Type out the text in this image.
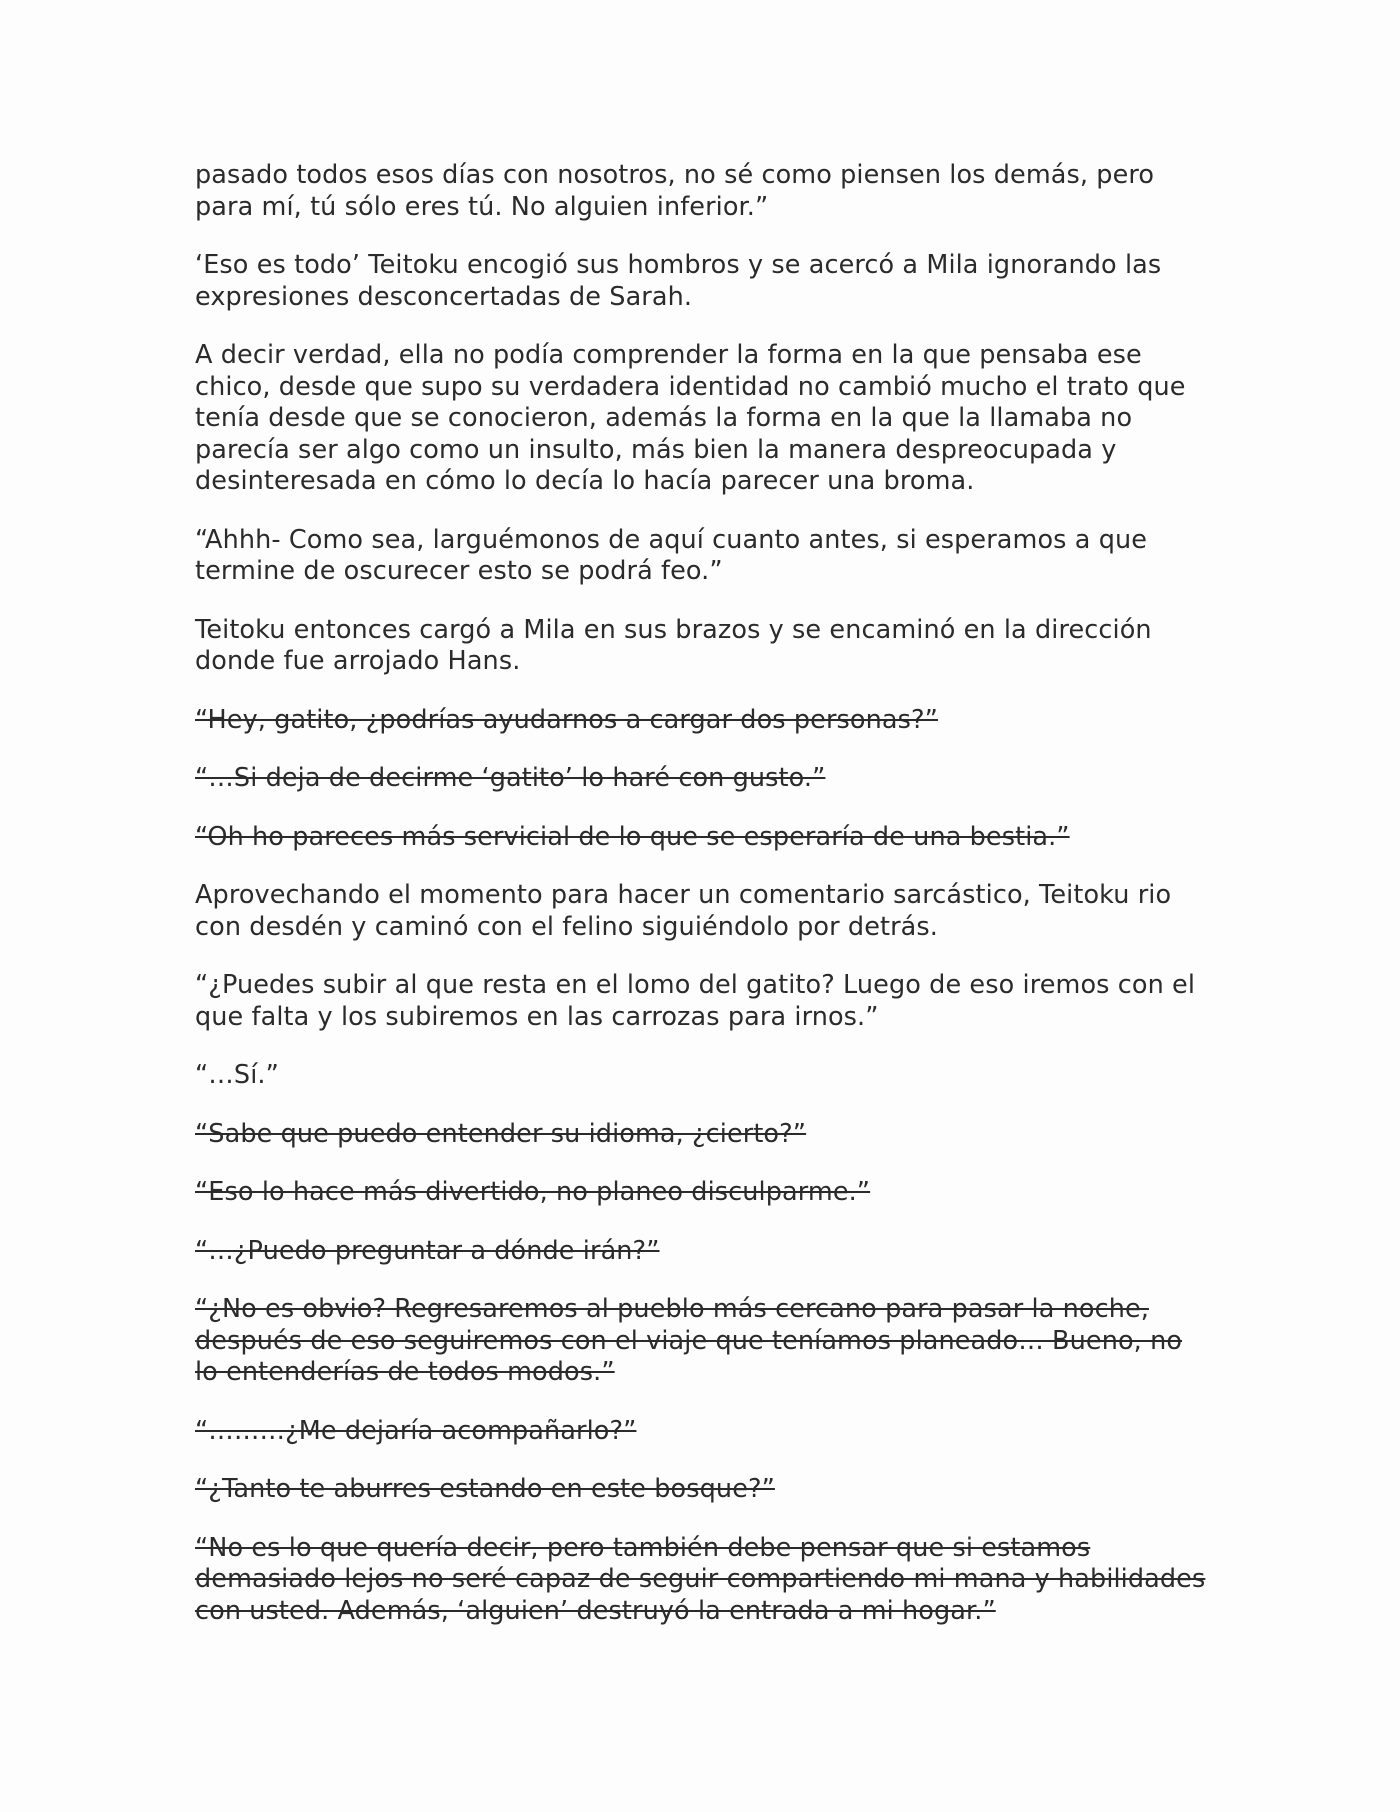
pasado todos esos días con nosotros, no sé como piensen los demás, pero para mí, tú sólo eres tú. No alguien inferior.”

‘Eso es todo’ Teitoku encogió sus hombros y se acercó a Mila ignorando las expresiones desconcertadas de Sarah.

A decir verdad, ella no podía comprender la forma en la que pensaba ese chico, desde que supo su verdadera identidad no cambió mucho el trato que tenía desde que se conocieron, además la forma en la que la llamaba no parecía ser algo como un insulto, más bien la manera despreocupada y desinteresada en cómo lo decía lo hacía parecer una broma.

“Ahhh- Como sea, larguémonos de aquí cuanto antes, si esperamos a que termine de oscurecer esto se podrá feo.”

Teitoku entonces cargó a Mila en sus brazos y se encaminó en la dirección donde fue arrojado Hans.

“Hey, gatito, ¿podrías ayudarnos a cargar dos personas?”

“…Si deja de decirme ‘gatito’ lo haré con gusto.”

“Oh ho pareces más servicial de lo que se esperaría de una bestia.”

Aprovechando el momento para hacer un comentario sarcástico, Teitoku rio con desdén y caminó con el felino siguiéndolo por detrás.

“¿Puedes subir al que resta en el lomo del gatito? Luego de eso iremos con el que falta y los subiremos en las carrozas para irnos.”

“…Sí.”

“Sabe que puedo entender su idioma, ¿cierto?”

“Eso lo hace más divertido, no planeo disculparme.”

“…¿Puedo preguntar a dónde irán?”

“¿No es obvio? Regresaremos al pueblo más cercano para pasar la noche, después de eso seguiremos con el viaje que teníamos planeado… Bueno, no lo entenderías de todos modos.”

“………¿Me dejaría acompañarlo?”

“¿Tanto te aburres estando en este bosque?”

“No es lo que quería decir, pero también debe pensar que si estamos demasiado lejos no seré capaz de seguir compartiendo mi mana y habilidades con usted. Además, ‘alguien’ destruyó la entrada a mi hogar.”
